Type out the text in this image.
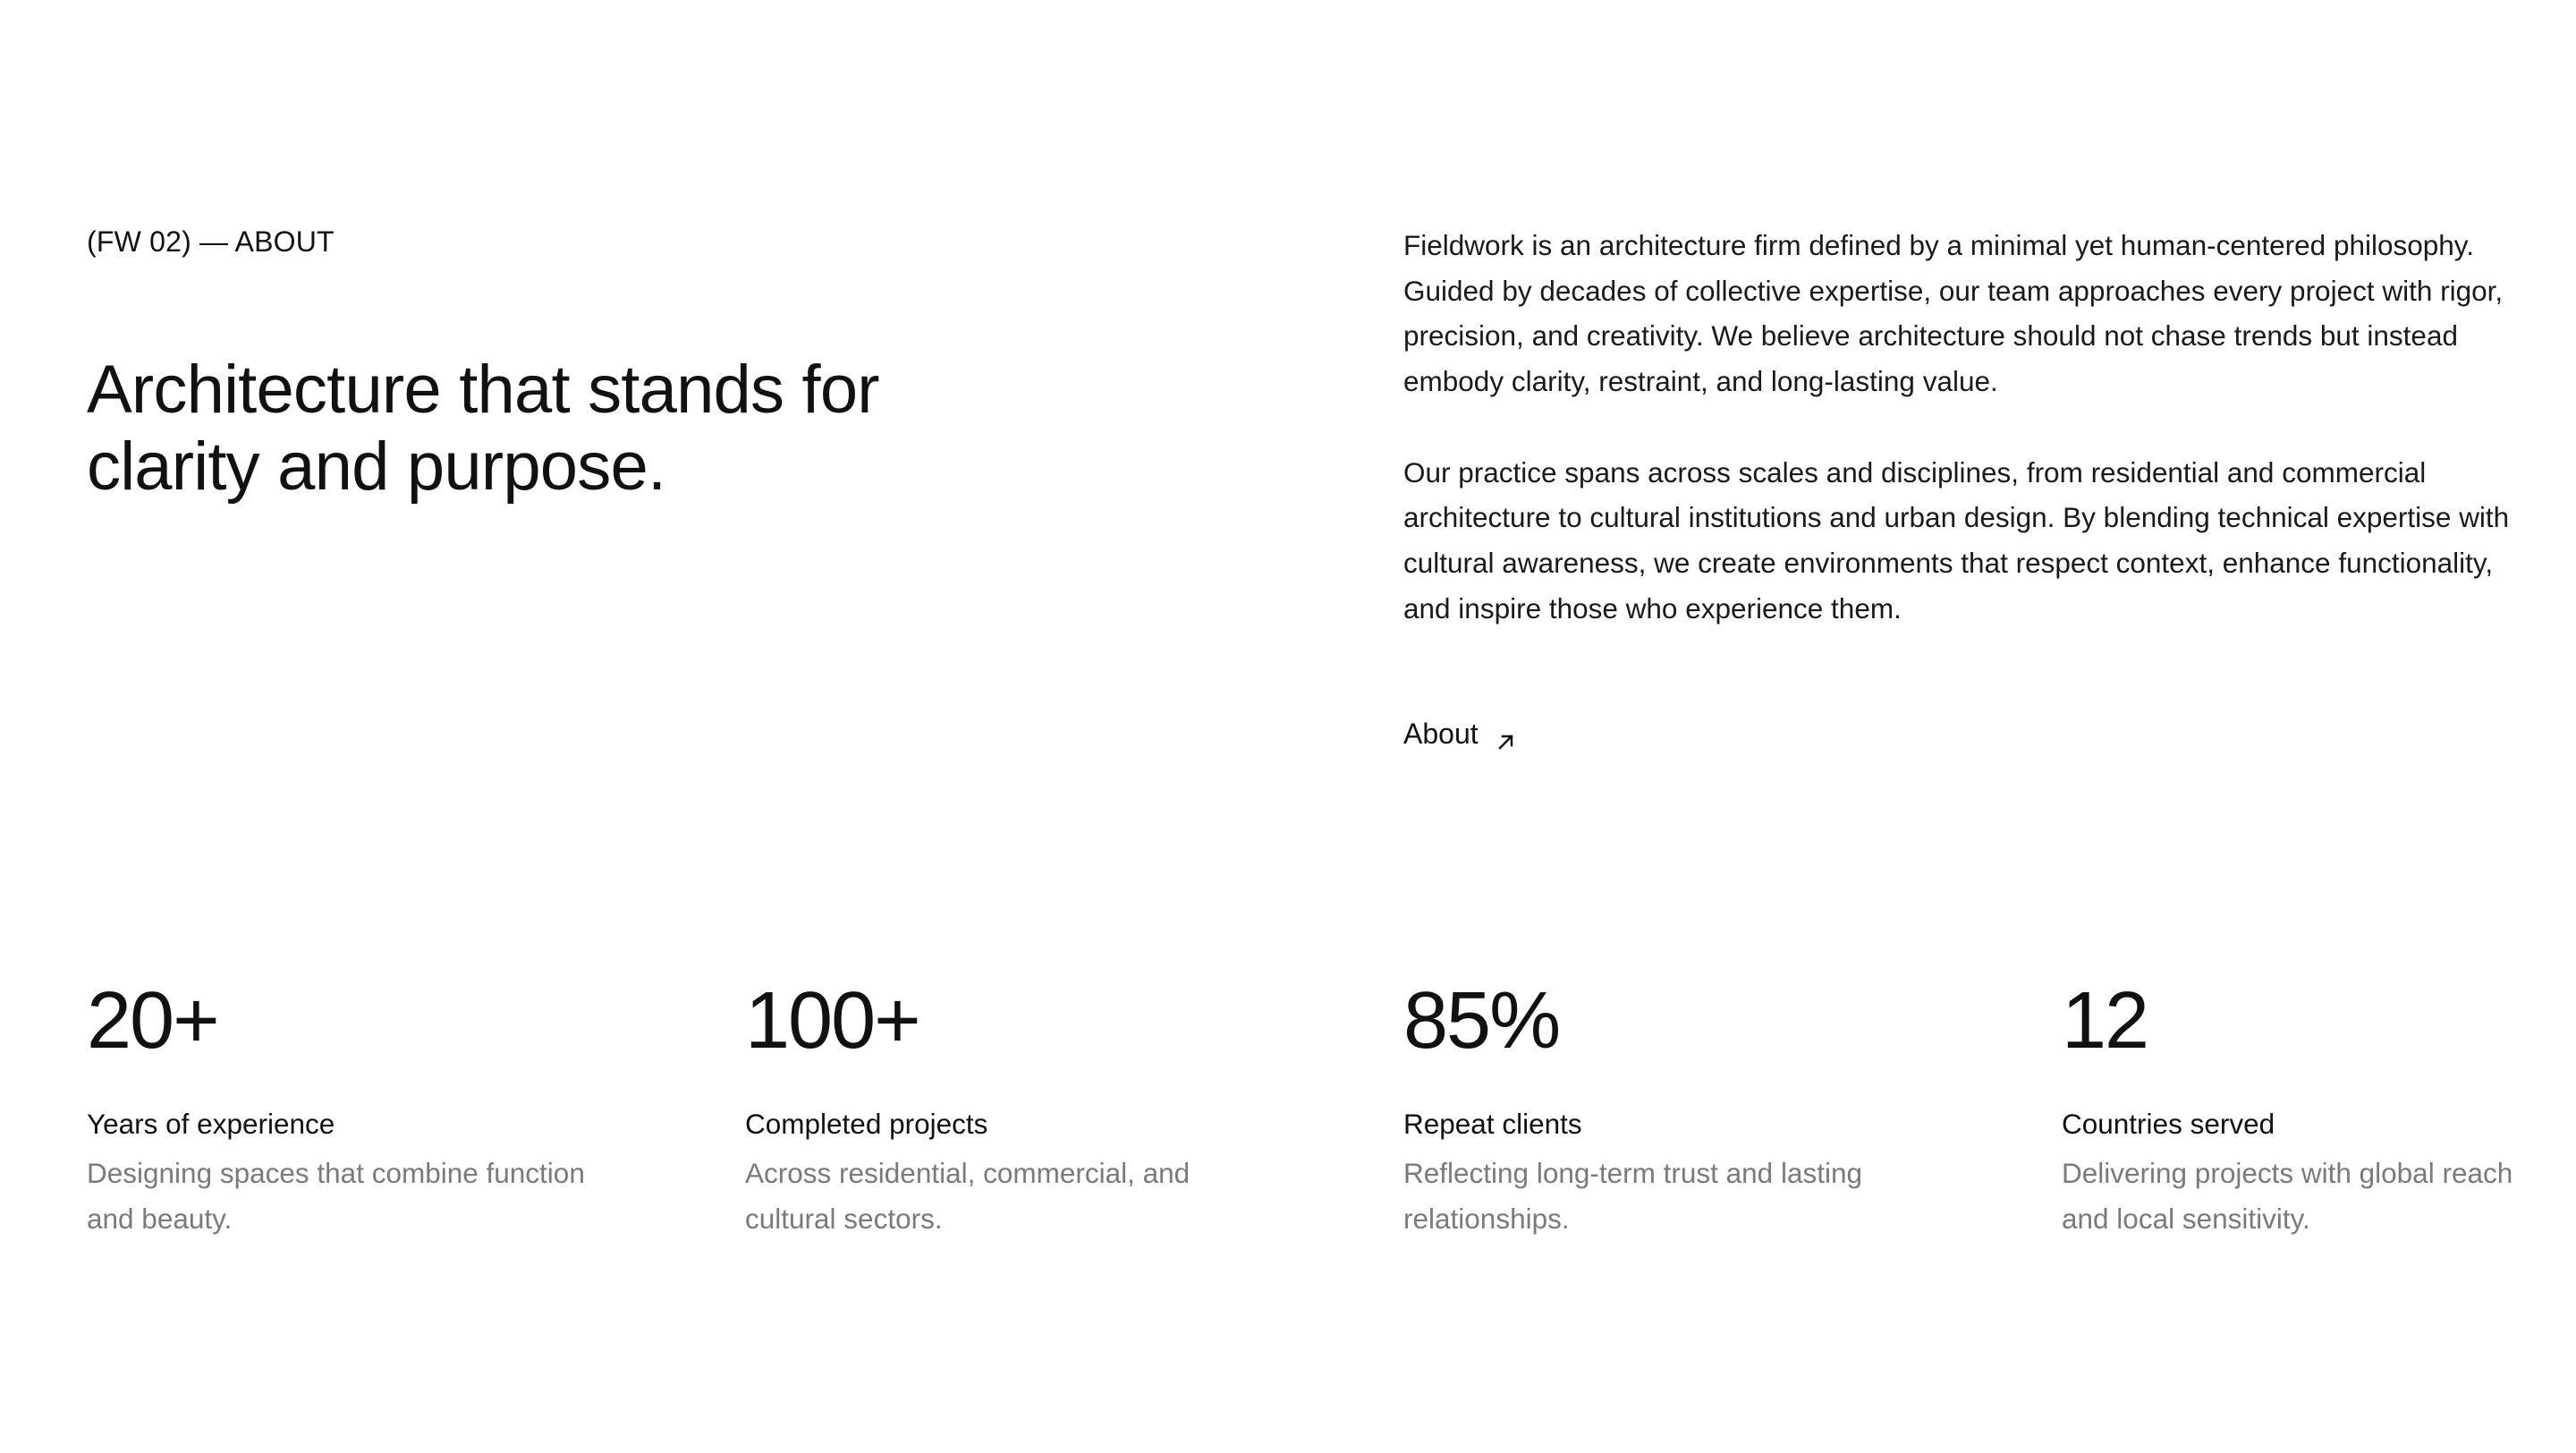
(FW 02) — ABOUT
Architecture that stands for clarity and purpose.

Fieldwork is an architecture firm defined by a minimal yet human-centered philosophy. Guided by decades of collective expertise, our team approaches every project with rigor, precision, and creativity. We believe architecture should not chase trends but instead embody clarity, restraint, and long-lasting value.

Our practice spans across scales and disciplines, from residential and commercial architecture to cultural institutions and urban design. By blending technical expertise with cultural awareness, we create environments that respect context, enhance functionality, and inspire those who experience them.

About
20+
Years of experience
Designing spaces that combine function and beauty.
100+
Completed projects
Across residential, commercial, and cultural sectors.
85%
Repeat clients
Reflecting long-term trust and lasting relationships.
12
Countries served
Delivering projects with global reach and local sensitivity.
